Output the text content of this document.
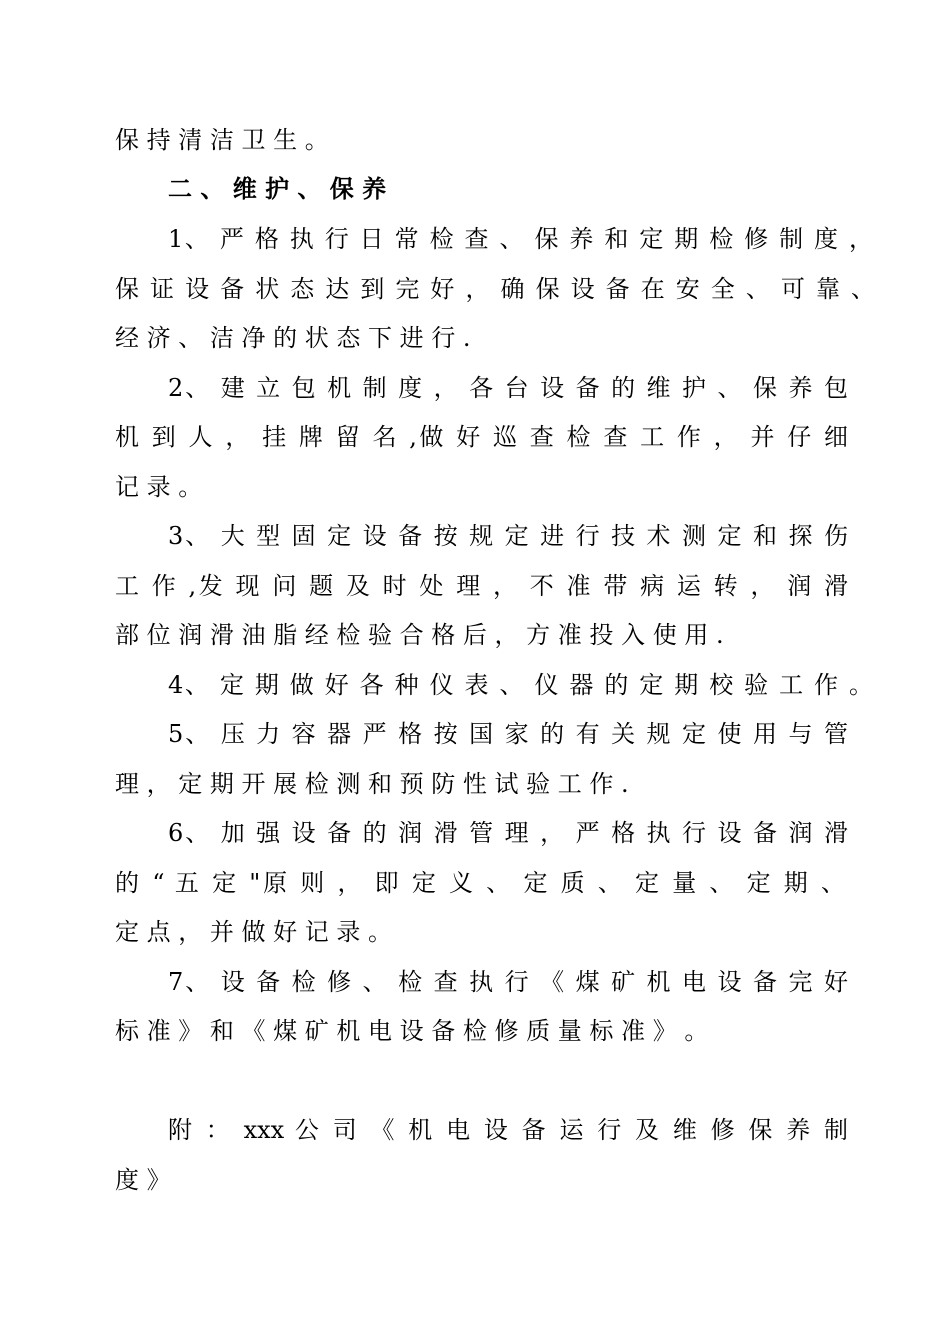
保 持 清 洁 卫 生 。
二 、 维 护 、 保 养
1、 严 格 执 行 日 常 检 查 、 保 养 和 定 期 检 修 制 度 ，
保 证 设 备 状 态 达 到 完 好 ， 确 保 设 备 在 安 全 、 可 靠 、
经 济 、 洁 净 的 状 态 下 进 行 .
2、 建 立 包 机 制 度 ， 各 台 设 备 的 维 护 、 保 养 包
机 到 人 ， 挂 牌 留 名 ,做 好 巡 查 检 查 工 作 ， 并 仔 细
记 录 。
3、 大 型 固 定 设 备 按 规 定 进 行 技 术 测 定 和 探 伤
工 作 ,发 现 问 题 及 时 处 理 ， 不 准 带 病 运 转 ， 润 滑
部 位 润 滑 油 脂 经 检 验 合 格 后 ， 方 准 投 入 使 用 .
4、 定 期 做 好 各 种 仪 表 、 仪 器 的 定 期 校 验 工 作 。
5、 压 力 容 器 严 格 按 国 家 的 有 关 规 定 使 用 与 管
理 ， 定 期 开 展 检 测 和 预 防 性 试 验 工 作 .
6、 加 强 设 备 的 润 滑 管 理 ， 严 格 执 行 设 备 润 滑
的 “ 五 定 "原 则 ， 即 定 义 、 定 质 、 定 量 、 定 期 、
定 点 ， 并 做 好 记 录 。
7、 设 备 检 修 、 检 查 执 行 《 煤 矿 机 电 设 备 完 好
标 准 》 和 《 煤 矿 机 电 设 备 检 修 质 量 标 准 》 。
附 ： xxx 公 司 《 机 电 设 备 运 行 及 维 修 保 养 制
度 》
